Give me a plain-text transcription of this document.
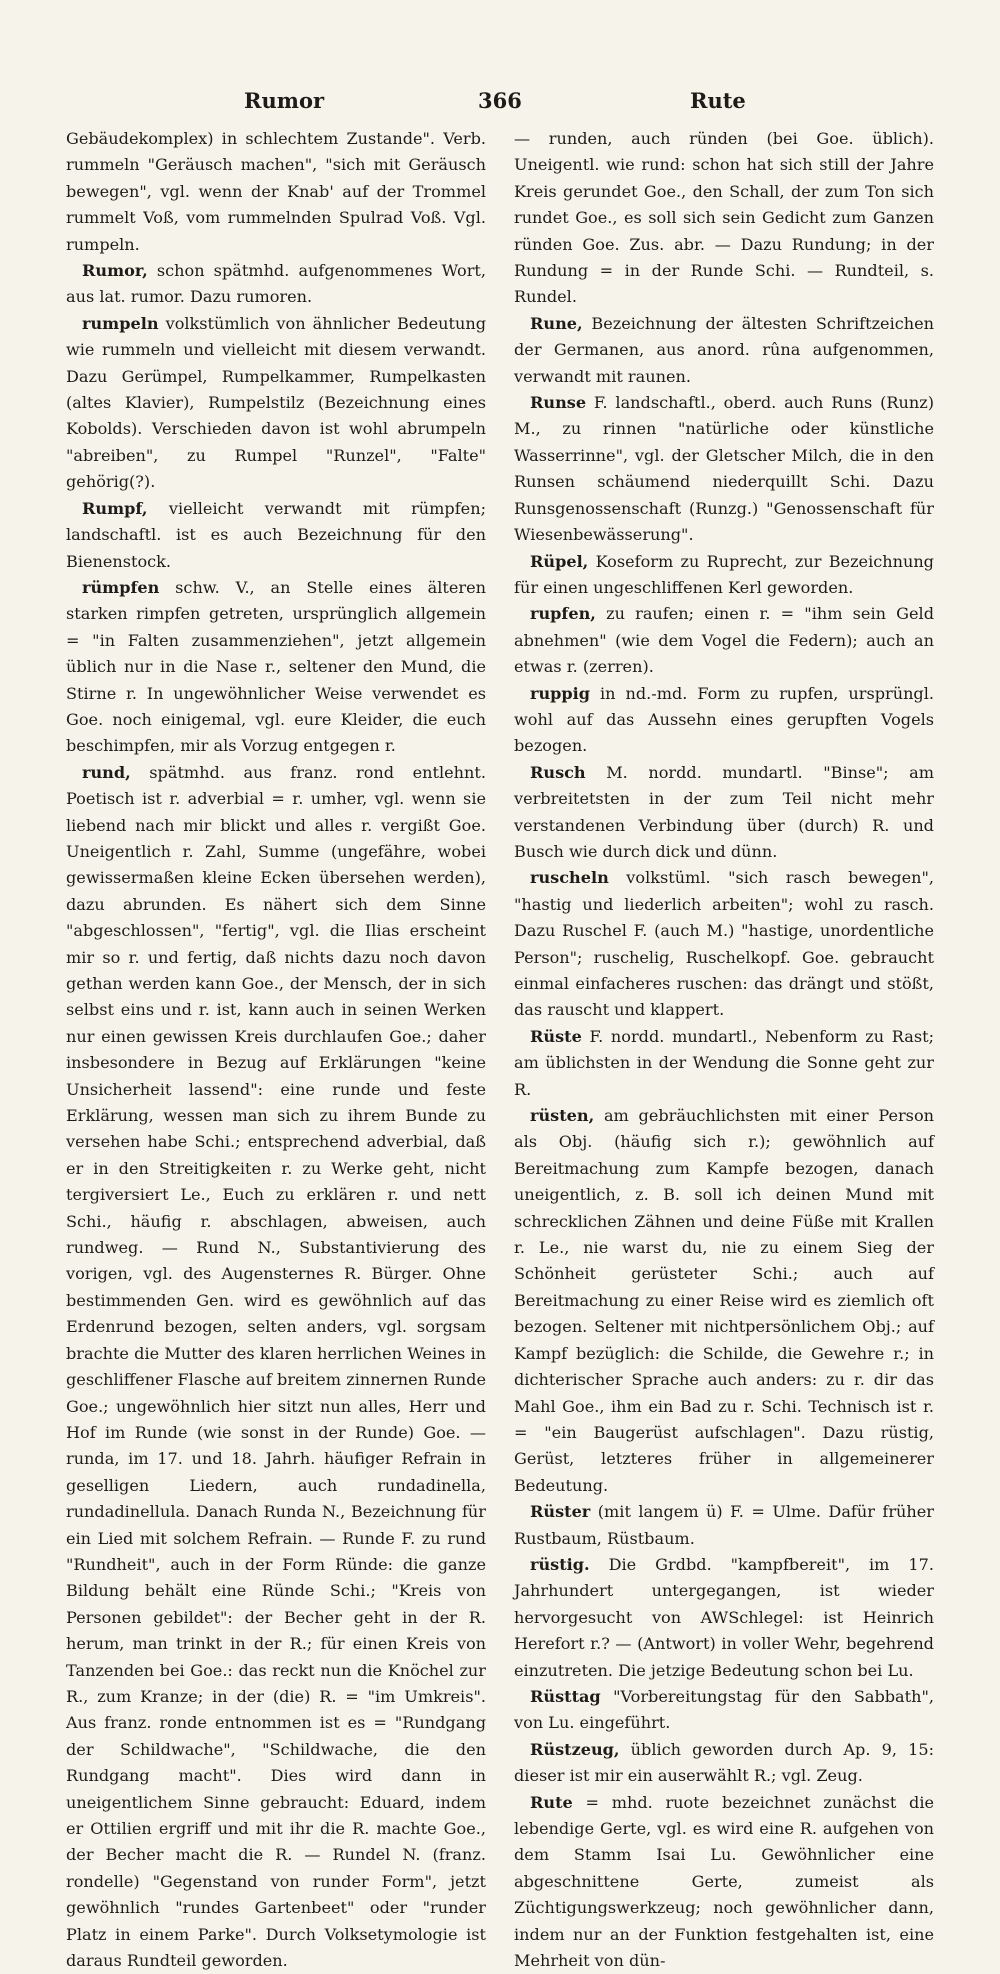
Rumor	366	Rute

Gebäudekomplex) in schlechtem Zustande". Verb. rummeln "Geräusch machen", "sich mit Geräusch bewegen", vgl. wenn der Knab' auf der Trommel rummelt Voß, vom rummelnden Spulrad Voß. Vgl. rumpeln.

Rumor, schon spätmhd. aufgenommenes Wort, aus lat. rumor. Dazu rumoren.

rumpeln volkstümlich von ähnlicher Bedeutung wie rummeln und vielleicht mit diesem verwandt. Dazu Gerümpel, Rumpelkammer, Rumpelkasten (altes Klavier), Rumpelstilz (Bezeichnung eines Kobolds). Verschieden davon ist wohl abrumpeln "abreiben", zu Rumpel "Runzel", "Falte" gehörig(?).

Rumpf, vielleicht verwandt mit rümpfen; landschaftl. ist es auch Bezeichnung für den Bienenstock.

rümpfen schw. V., an Stelle eines älteren starken rimpfen getreten, ursprünglich allgemein = "in Falten zusammenziehen", jetzt allgemein üblich nur in die Nase r., seltener den Mund, die Stirne r. In ungewöhnlicher Weise verwendet es Goe. noch einigemal, vgl. eure Kleider, die euch beschimpfen, mir als Vorzug entgegen r.

rund, spätmhd. aus franz. rond entlehnt. Poetisch ist r. adverbial = r. umher, vgl. wenn sie liebend nach mir blickt und alles r. vergißt Goe. Uneigentlich r. Zahl, Summe (ungefähre, wobei gewissermaßen kleine Ecken übersehen werden), dazu abrunden. Es nähert sich dem Sinne "abgeschlossen", "fertig", vgl. die Ilias erscheint mir so r. und fertig, daß nichts dazu noch davon gethan werden kann Goe., der Mensch, der in sich selbst eins und r. ist, kann auch in seinen Werken nur einen gewissen Kreis durchlaufen Goe.; daher insbesondere in Bezug auf Erklärungen "keine Unsicherheit lassend": eine runde und feste Erklärung, wessen man sich zu ihrem Bunde zu versehen habe Schi.; entsprechend adverbial, daß er in den Streitigkeiten r. zu Werke geht, nicht tergiversiert Le., Euch zu erklären r. und nett Schi., häufig r. abschlagen, abweisen, auch rundweg. — Rund N., Substantivierung des vorigen, vgl. des Augensternes R. Bürger. Ohne bestimmenden Gen. wird es gewöhnlich auf das Erdenrund bezogen, selten anders, vgl. sorgsam brachte die Mutter des klaren herrlichen Weines in geschliffener Flasche auf breitem zinnernen Runde Goe.; ungewöhnlich hier sitzt nun alles, Herr und Hof im Runde (wie sonst in der Runde) Goe. — runda, im 17. und 18. Jahrh. häufiger Refrain in geselligen Liedern, auch rundadinella, rundadinellula. Danach Runda N., Bezeichnung für ein Lied mit solchem Refrain. — Runde F. zu rund "Rundheit", auch in der Form Ründe: die ganze Bildung behält eine Ründe Schi.; "Kreis von Personen gebildet": der Becher geht in der R. herum, man trinkt in der R.; für einen Kreis von Tanzenden bei Goe.: das reckt nun die Knöchel zur R., zum Kranze; in der (die) R. = "im Umkreis". Aus franz. ronde entnommen ist es = "Rundgang der Schildwache", "Schildwache, die den Rundgang macht". Dies wird dann in uneigentlichem Sinne gebraucht: Eduard, indem er Ottilien ergriff und mit ihr die R. machte Goe., der Becher macht die R. — Rundel N. (franz. rondelle) "Gegenstand von runder Form", jetzt gewöhnlich "rundes Gartenbeet" oder "runder Platz in einem Parke". Durch Volksetymologie ist daraus Rundteil geworden.

— runden, auch ründen (bei Goe. üblich). Uneigentl. wie rund: schon hat sich still der Jahre Kreis gerundet Goe., den Schall, der zum Ton sich rundet Goe., es soll sich sein Gedicht zum Ganzen ründen Goe. Zus. abr. — Dazu Rundung; in der Rundung = in der Runde Schi. — Rundteil, s. Rundel.

Rune, Bezeichnung der ältesten Schriftzeichen der Germanen, aus anord. rûna aufgenommen, verwandt mit raunen.

Runse F. landschaftl., oberd. auch Runs (Runz) M., zu rinnen "natürliche oder künstliche Wasserrinne", vgl. der Gletscher Milch, die in den Runsen schäumend niederquillt Schi. Dazu Runsgenossenschaft (Runzg.) "Genossenschaft für Wiesenbewässerung".

Rüpel, Koseform zu Ruprecht, zur Bezeichnung für einen ungeschliffenen Kerl geworden.

rupfen, zu raufen; einen r. = "ihm sein Geld abnehmen" (wie dem Vogel die Federn); auch an etwas r. (zerren).

ruppig in nd.-md. Form zu rupfen, ursprüngl. wohl auf das Aussehn eines gerupften Vogels bezogen.

Rusch M. nordd. mundartl. "Binse"; am verbreitetsten in der zum Teil nicht mehr verstandenen Verbindung über (durch) R. und Busch wie durch dick und dünn.

ruscheln volkstüml. "sich rasch bewegen", "hastig und liederlich arbeiten"; wohl zu rasch. Dazu Ruschel F. (auch M.) "hastige, unordentliche Person"; ruschelig, Ruschelkopf. Goe. gebraucht einmal einfacheres ruschen: das drängt und stößt, das rauscht und klappert.

Rüste F. nordd. mundartl., Nebenform zu Rast; am üblichsten in der Wendung die Sonne geht zur R.

rüsten, am gebräuchlichsten mit einer Person als Obj. (häufig sich r.); gewöhnlich auf Bereitmachung zum Kampfe bezogen, danach uneigentlich, z. B. soll ich deinen Mund mit schrecklichen Zähnen und deine Füße mit Krallen r. Le., nie warst du, nie zu einem Sieg der Schönheit gerüsteter Schi.; auch auf Bereitmachung zu einer Reise wird es ziemlich oft bezogen. Seltener mit nichtpersönlichem Obj.; auf Kampf bezüglich: die Schilde, die Gewehre r.; in dichterischer Sprache auch anders: zu r. dir das Mahl Goe., ihm ein Bad zu r. Schi. Technisch ist r. = "ein Baugerüst aufschlagen". Dazu rüstig, Gerüst, letzteres früher in allgemeinerer Bedeutung.

Rüster (mit langem ü) F. = Ulme. Dafür früher Rustbaum, Rüstbaum.

rüstig. Die Grdbd. "kampfbereit", im 17. Jahrhundert untergegangen, ist wieder hervorgesucht von AWSchlegel: ist Heinrich Herefort r.? — (Antwort) in voller Wehr, begehrend einzutreten. Die jetzige Bedeutung schon bei Lu.

Rüsttag "Vorbereitungstag für den Sabbath", von Lu. eingeführt.

Rüstzeug, üblich geworden durch Ap. 9, 15: dieser ist mir ein auserwählt R.; vgl. Zeug.

Rute = mhd. ruote bezeichnet zunächst die lebendige Gerte, vgl. es wird eine R. aufgehen von dem Stamm Isai Lu. Gewöhnlicher eine abgeschnittene Gerte, zumeist als Züchtigungswerkzeug; noch gewöhnlicher dann, indem nur an der Funktion festgehalten ist, eine Mehrheit von dün-
